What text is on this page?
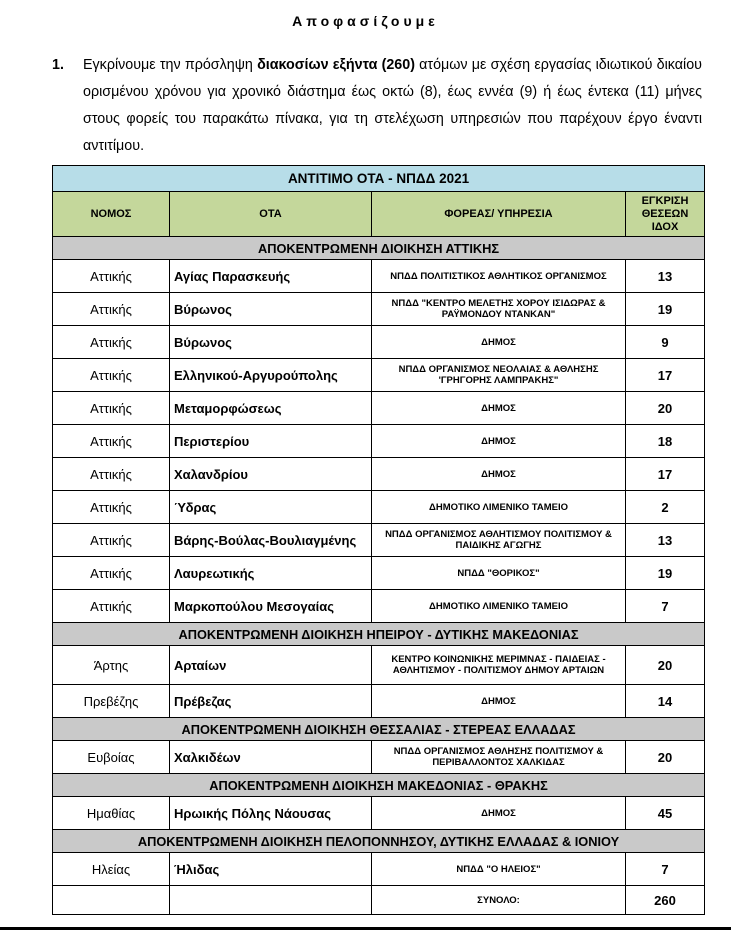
Αποφασίζουμε
1. Εγκρίνουμε την πρόσληψη διακοσίων εξήντα (260) ατόμων με σχέση εργασίας ιδιωτικού δικαίου ορισμένου χρόνου για χρονικό διάστημα έως οκτώ (8), έως εννέα (9) ή έως έντεκα (11) μήνες στους φορείς του παρακάτω πίνακα, για τη στελέχωση υπηρεσιών που παρέχουν έργο έναντι αντιτίμου.
ΑΝΤΙΤΙΜΟ ΟΤΑ - ΝΠΔΔ 2021			
ΝΟΜΟΣ	ΟΤΑ	ΦΟΡΕΑΣ/ ΥΠΗΡΕΣΙΑ	ΕΓΚΡΙΣΗ ΘΕΣΕΩΝ ΙΔΟΧ
ΑΠΟΚΕΝΤΡΩΜΕΝΗ ΔΙΟΙΚΗΣΗ ΑΤΤΙΚΗΣ			
Αττικής	Αγίας Παρασκευής	ΝΠΔΔ ΠΟΛΙΤΙΣΤΙΚΟΣ ΑΘΛΗΤΙΚΟΣ ΟΡΓΑΝΙΣΜΟΣ	13
Αττικής	Βύρωνος	ΝΠΔΔ "ΚΕΝΤΡΟ ΜΕΛΕΤΗΣ ΧΟΡΟΥ ΙΣΙΔΩΡΑΣ & ΡΑΫΜΟΝΔΟΥ ΝΤΑΝΚΑΝ"	19
Αττικής	Βύρωνος	ΔΗΜΟΣ	9
Αττικής	Ελληνικού-Αργυρούπολης	ΝΠΔΔ ΟΡΓΑΝΙΣΜΟΣ ΝΕΟΛΑΙΑΣ & ΑΘΛΗΣΗΣ 'ΓΡΗΓΟΡΗΣ ΛΑΜΠΡΑΚΗΣ"	17
Αττικής	Μεταμορφώσεως	ΔΗΜΟΣ	20
Αττικής	Περιστερίου	ΔΗΜΟΣ	18
Αττικής	Χαλανδρίου	ΔΗΜΟΣ	17
Αττικής	Ύδρας	ΔΗΜΟΤΙΚΟ ΛΙΜΕΝΙΚΟ ΤΑΜΕΙΟ	2
Αττικής	Βάρης-Βούλας-Βουλιαγμένης	ΝΠΔΔ ΟΡΓΑΝΙΣΜΟΣ ΑΘΛΗΤΙΣΜΟΥ ΠΟΛΙΤΙΣΜΟΥ & ΠΑΙΔΙΚΗΣ ΑΓΩΓΗΣ	13
Αττικής	Λαυρεωτικής	ΝΠΔΔ "ΘΟΡΙΚΟΣ"	19
Αττικής	Μαρκοπούλου Μεσογαίας	ΔΗΜΟΤΙΚΟ ΛΙΜΕΝΙΚΟ ΤΑΜΕΙΟ	7
ΑΠΟΚΕΝΤΡΩΜΕΝΗ ΔΙΟΙΚΗΣΗ ΗΠΕΙΡΟΥ - ΔΥΤΙΚΗΣ ΜΑΚΕΔΟΝΙΑΣ			
Άρτης	Αρταίων	ΚΕΝΤΡΟ ΚΟΙΝΩΝΙΚΗΣ ΜΕΡΙΜΝΑΣ - ΠΑΙΔΕΙΑΣ - ΑΘΛΗΤΙΣΜΟΥ - ΠΟΛΙΤΙΣΜΟΥ ΔΗΜΟΥ ΑΡΤΑΙΩΝ	20
Πρεβέζης	Πρέβεζας	ΔΗΜΟΣ	14
ΑΠΟΚΕΝΤΡΩΜΕΝΗ ΔΙΟΙΚΗΣΗ ΘΕΣΣΑΛΙΑΣ - ΣΤΕΡΕΑΣ ΕΛΛΑΔΑΣ			
Ευβοίας	Χαλκιδέων	ΝΠΔΔ ΟΡΓΑΝΙΣΜΟΣ ΑΘΛΗΣΗΣ ΠΟΛΙΤΙΣΜΟΥ & ΠΕΡΙΒΑΛΛΟΝΤΟΣ ΧΑΛΚΙΔΑΣ	20
ΑΠΟΚΕΝΤΡΩΜΕΝΗ ΔΙΟΙΚΗΣΗ ΜΑΚΕΔΟΝΙΑΣ - ΘΡΑΚΗΣ			
Ημαθίας	Ηρωικής Πόλης Νάουσας	ΔΗΜΟΣ	45
ΑΠΟΚΕΝΤΡΩΜΕΝΗ ΔΙΟΙΚΗΣΗ ΠΕΛΟΠΟΝΝΗΣΟΥ, ΔΥΤΙΚΗΣ ΕΛΛΑΔΑΣ & ΙΟΝΙΟΥ			
Ηλείας	Ήλιδας	ΝΠΔΔ "Ο ΗΛΕΙΟΣ"	7
		ΣΥΝΟΛΟ:	260
